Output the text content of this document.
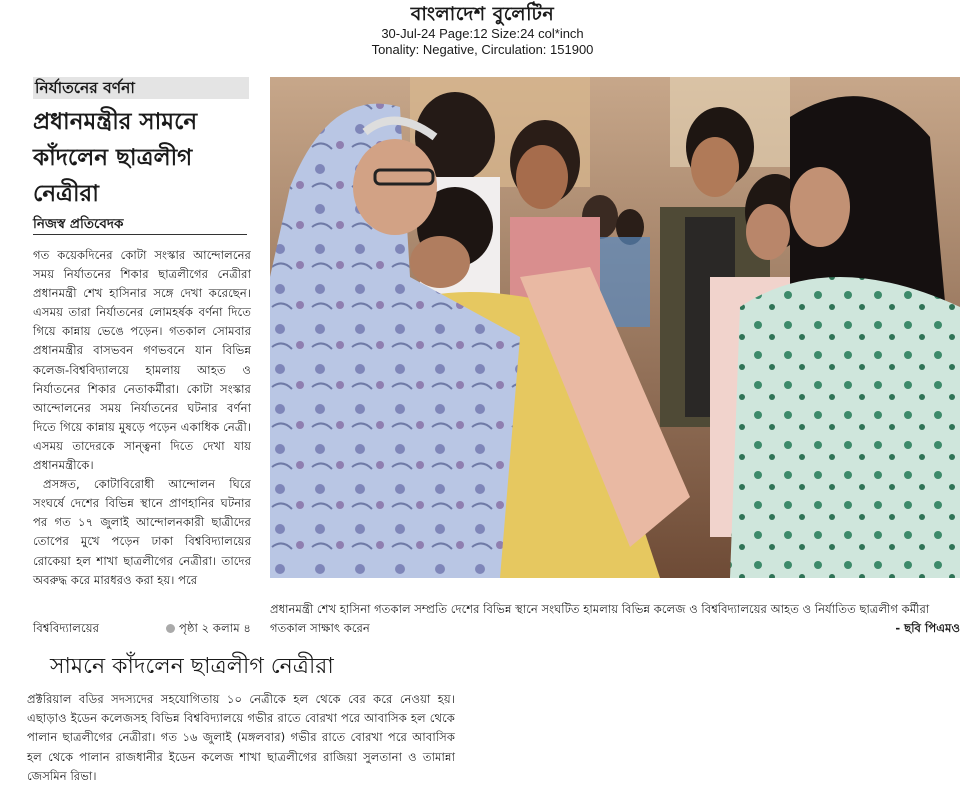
বাংলাদেশ বুলেটিন
30-Jul-24 Page:12 Size:24 col*inch
Tonality: Negative, Circulation: 151900
নির্যাতনের বর্ণনা
প্রধানমন্ত্রীর সামনে কাঁদলেন ছাত্রলীগ নেত্রীরা
নিজস্ব প্রতিবেদক

গত কয়েকদিনের কোটা সংস্কার আন্দোলনের সময় নির্যাতনের শিকার ছাত্রলীগের নেত্রীরা প্রধানমন্ত্রী শেখ হাসিনার সঙ্গে দেখা করেছেন। এসময় তারা নির্যাতনের লোমহর্ষক বর্ণনা দিতে গিয়ে কান্নায় ভেঙে পড়েন। গতকাল সোমবার প্রধানমন্ত্রীর বাসভবন গণভবনে যান বিভিন্ন কলেজ-বিশ্ববিদ্যালয়ে হামলায় আহত ও নির্যাতনের শিকার নেতাকর্মীরা। কোটা সংস্কার আন্দোলনের সময় নির্যাতনের ঘটনার বর্ণনা দিতে গিয়ে কান্নায় মুষড়ে পড়েন একাধিক নেত্রী। এসময় তাদেরকে সান্ত্বনা দিতে দেখা যায় প্রধানমন্ত্রীকে।

প্রসঙ্গত, কোটাবিরোধী আন্দোলন ঘিরে সংঘর্ষে দেশের বিভিন্ন স্থানে প্রাণহানির ঘটনার পর গত ১৭ জুলাই আন্দোলনকারী ছাত্রীদের তোপের মুখে পড়েন ঢাকা বিশ্ববিদ্যালয়ের রোকেয়া হল শাখা ছাত্রলীগের নেত্রীরা। তাদের অবরুদ্ধ করে মারধরও করা হয়। পরে

বিশ্ববিদ্যালয়ের	পৃষ্ঠা ২ কলাম ৪
প্রধানমন্ত্রী শেখ হাসিনা গতকাল সম্প্রতি দেশের বিভিন্ন স্থানে সংঘটিত হামলায় বিভিন্ন কলেজ ও বিশ্ববিদ্যালয়ের আহত ও নির্যাতিত ছাত্রলীগ কর্মীরা গতকাল সাক্ষাৎ করেন	- ছবি পিএমও
সামনে কাঁদলেন ছাত্রলীগ নেত্রীরা
প্রক্টরিয়াল বডির সদস্যদের সহযোগিতায় ১০ নেত্রীকে হল থেকে বের করে নেওয়া হয়। এছাড়াও ইডেন কলেজসহ বিভিন্ন বিশ্ববিদ্যালয়ে গভীর রাতে বোরখা পরে আবাসিক হল থেকে পালান ছাত্রলীগের নেত্রীরা। গত ১৬ জুলাই (মঙ্গলবার) গভীর রাতে বোরখা পরে আবাসিক হল থেকে পালান রাজধানীর ইডেন কলেজ শাখা ছাত্রলীগের রাজিয়া সুলতানা ও তামান্না জেসমিন রিভা।
